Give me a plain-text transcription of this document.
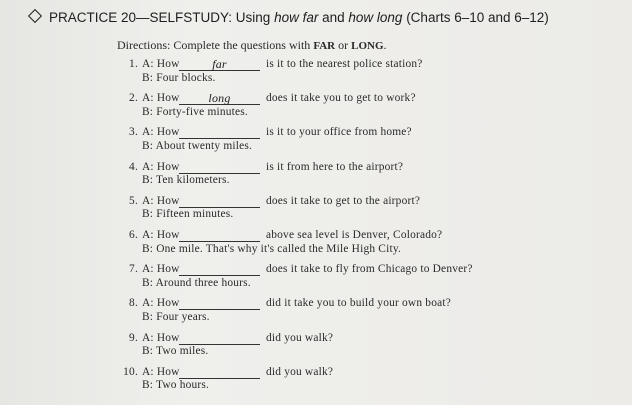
PRACTICE 20—SELFSTUDY: Using how far and how long (Charts 6–10 and 6–12)
Directions: Complete the questions with FAR or LONG.
1. A: How	far	is it to the nearest police station?
B: Four blocks.
2. A: How	long	does it take you to get to work?
B: Forty-five minutes.
3. A: How	is it to your office from home?
B: About twenty miles.
4. A: How	is it from here to the airport?
B: Ten kilometers.
5. A: How	does it take to get to the airport?
B: Fifteen minutes.
6. A: How	above sea level is Denver, Colorado?
B: One mile. That's why it's called the Mile High City.
7. A: How	does it take to fly from Chicago to Denver?
B: Around three hours.
8. A: How	did it take you to build your own boat?
B: Four years.
9. A: How	did you walk?
B: Two miles.
10. A: How	did you walk?
B: Two hours.
